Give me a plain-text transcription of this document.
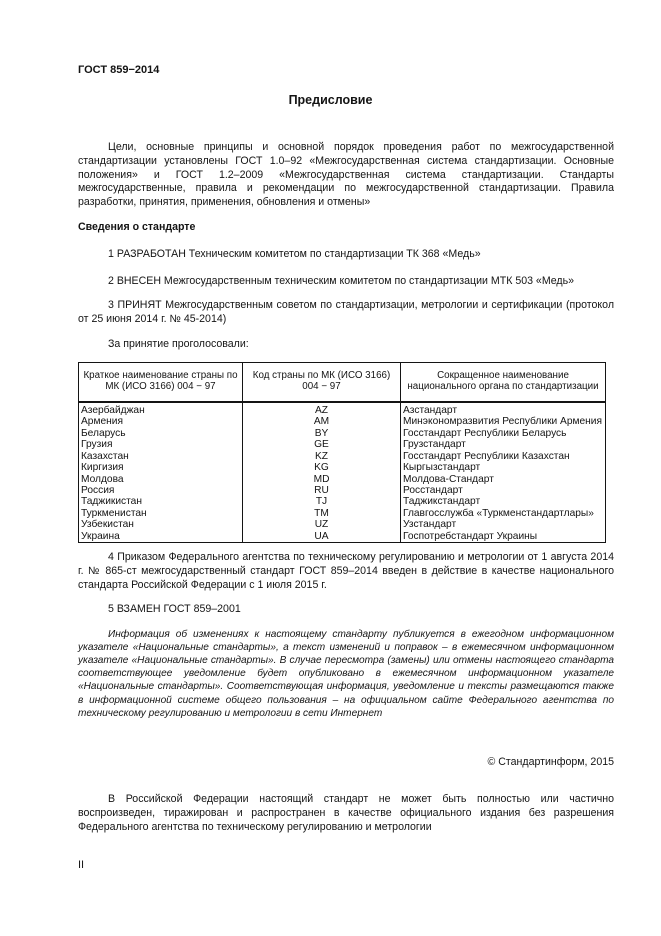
ГОСТ 859−2014
Предисловие
Цели, основные принципы и основной порядок проведения работ по межгосударственной стандартизации установлены ГОСТ 1.0–92 «Межгосударственная система стандартизации. Основные положения» и ГОСТ 1.2–2009 «Межгосударственная система стандартизации. Стандарты межгосударственные, правила и рекомендации по межгосударственной стандартизации. Правила разработки, принятия, применения, обновления и отмены»
Сведения о стандарте
1 РАЗРАБОТАН Техническим комитетом по стандартизации ТК 368 «Медь»
2 ВНЕСЕН Межгосударственным техническим комитетом по стандартизации МТК 503 «Медь»
3 ПРИНЯТ Межгосударственным советом по стандартизации, метрологии и сертификации (протокол от 25 июня 2014 г. № 45-2014)
За принятие проголосовали:
Краткое наименование страны по МК (ИСО 3166) 004 − 97	Код страны по МК (ИСО 3166) 004 − 97	Сокращенное наименование национального органа по стандартизации
Азербайджан	AZ	Азстандарт
Армения	AM	Минэкономразвития Республики Армения
Беларусь	BY	Госстандарт Республики Беларусь
Грузия	GE	Грузстандарт
Казахстан	KZ	Госстандарт Республики Казахстан
Киргизия	KG	Кыргызстандарт
Молдова	MD	Молдова-Стандарт
Россия	RU	Росстандарт
Таджикистан	TJ	Таджикстандарт
Туркменистан	TM	Главгосслужба «Туркменстандартлары»
Узбекистан	UZ	Узстандарт
Украина	UA	Госпотребстандарт Украины
4 Приказом Федерального агентства по техническому регулированию и метрологии от 1 августа 2014 г. № 865-ст межгосударственный стандарт ГОСТ 859–2014 введен в действие в качестве национального стандарта Российской Федерации с 1 июля 2015 г.
5 ВЗАМЕН ГОСТ 859–2001
Информация об изменениях к настоящему стандарту публикуется в ежегодном информационном указателе «Национальные стандарты», а текст изменений и поправок – в ежемесячном информационном указателе «Национальные стандарты». В случае пересмотра (замены) или отмены настоящего стандарта соответствующее уведомление будет опубликовано в ежемесячном информационном указателе «Национальные стандарты». Соответствующая информация, уведомление и тексты размещаются также в информационной системе общего пользования – на официальном сайте Федерального агентства по техническому регулированию и метрологии в сети Интернет
© Стандартинформ, 2015
В Российской Федерации настоящий стандарт не может быть полностью или частично воспроизведен, тиражирован и распространен в качестве официального издания без разрешения Федерального агентства по техническому регулированию и метрологии
II
